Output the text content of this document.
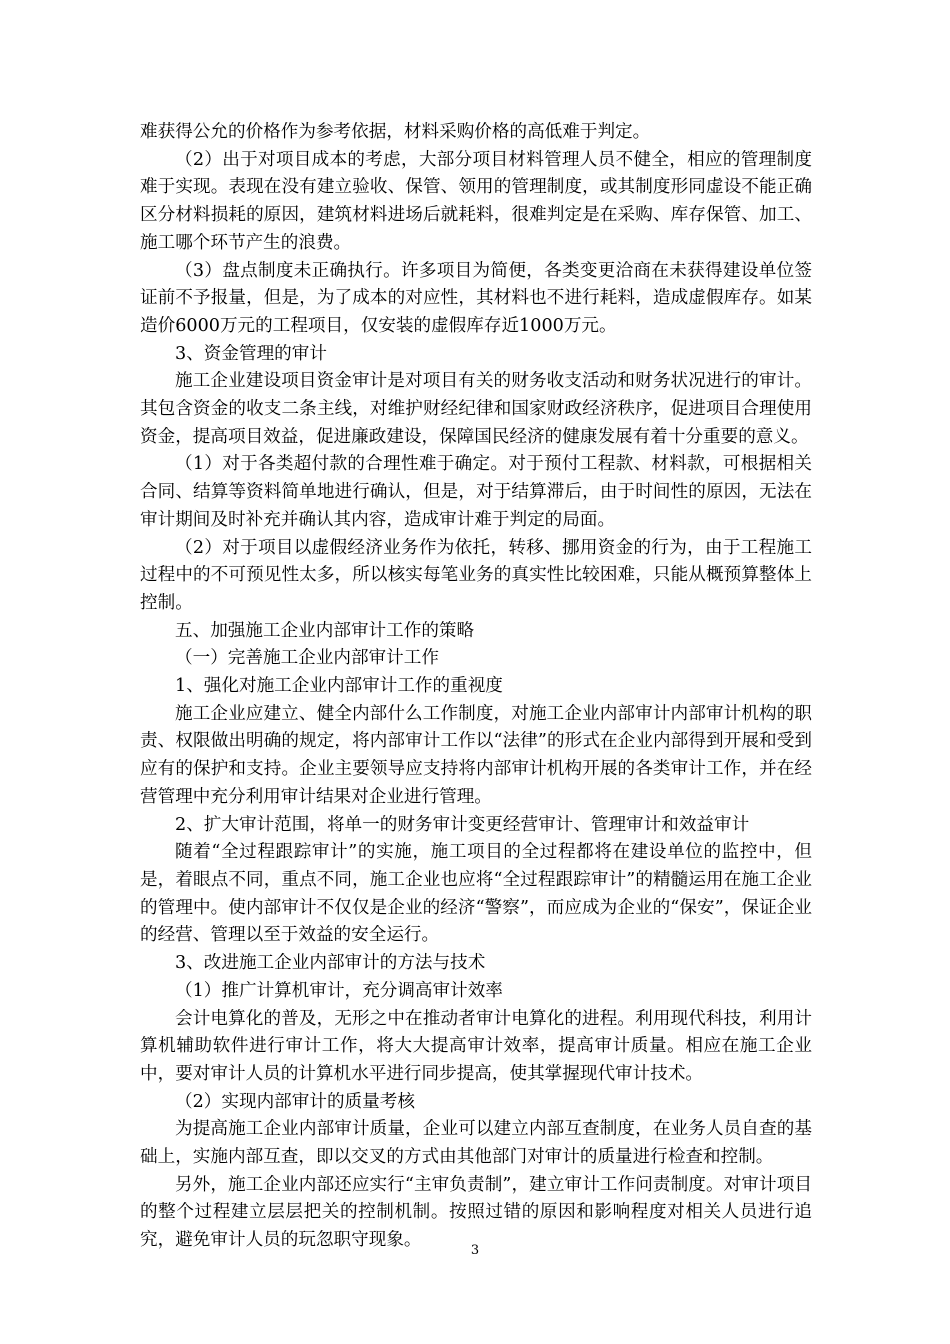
难获得公允的价格作为参考依据，材料采购价格的高低难于判定。

（2）出于对项目成本的考虑，大部分项目材料管理人员不健全，相应的管理制度难于实现。表现在没有建立验收、保管、领用的管理制度，或其制度形同虚设不能正确区分材料损耗的原因，建筑材料进场后就耗料，很难判定是在采购、库存保管、加工、施工哪个环节产生的浪费。

（3）盘点制度未正确执行。许多项目为简便，各类变更洽商在未获得建设单位签证前不予报量，但是，为了成本的对应性，其材料也不进行耗料，造成虚假库存。如某造价6000万元的工程项目，仅安装的虚假库存近1000万元。

3、资金管理的审计

施工企业建设项目资金审计是对项目有关的财务收支活动和财务状况进行的审计。其包含资金的收支二条主线，对维护财经纪律和国家财政经济秩序，促进项目合理使用资金，提高项目效益，促进廉政建设，保障国民经济的健康发展有着十分重要的意义。

（1）对于各类超付款的合理性难于确定。对于预付工程款、材料款，可根据相关合同、结算等资料简单地进行确认，但是，对于结算滞后，由于时间性的原因，无法在审计期间及时补充并确认其内容，造成审计难于判定的局面。

（2）对于项目以虚假经济业务作为依托，转移、挪用资金的行为，由于工程施工过程中的不可预见性太多，所以核实每笔业务的真实性比较困难，只能从概预算整体上控制。

五、加强施工企业内部审计工作的策略

（一）完善施工企业内部审计工作

1、强化对施工企业内部审计工作的重视度

施工企业应建立、健全内部什么工作制度，对施工企业内部审计内部审计机构的职责、权限做出明确的规定，将内部审计工作以“法律”的形式在企业内部得到开展和受到应有的保护和支持。企业主要领导应支持将内部审计机构开展的各类审计工作，并在经营管理中充分利用审计结果对企业进行管理。

2、扩大审计范围，将单一的财务审计变更经营审计、管理审计和效益审计

随着“全过程跟踪审计”的实施，施工项目的全过程都将在建设单位的监控中，但是，着眼点不同，重点不同，施工企业也应将“全过程跟踪审计”的精髓运用在施工企业的管理中。使内部审计不仅仅是企业的经济“警察”，而应成为企业的“保安”，保证企业的经营、管理以至于效益的安全运行。

3、改进施工企业内部审计的方法与技术

（1）推广计算机审计，充分调高审计效率

会计电算化的普及，无形之中在推动者审计电算化的进程。利用现代科技，利用计算机辅助软件进行审计工作，将大大提高审计效率，提高审计质量。相应在施工企业中，要对审计人员的计算机水平进行同步提高，使其掌握现代审计技术。

（2）实现内部审计的质量考核

为提高施工企业内部审计质量，企业可以建立内部互查制度，在业务人员自查的基础上，实施内部互查，即以交叉的方式由其他部门对审计的质量进行检查和控制。

另外，施工企业内部还应实行“主审负责制”，建立审计工作问责制度。对审计项目的整个过程建立层层把关的控制机制。按照过错的原因和影响程度对相关人员进行追究，避免审计人员的玩忽职守现象。

3
